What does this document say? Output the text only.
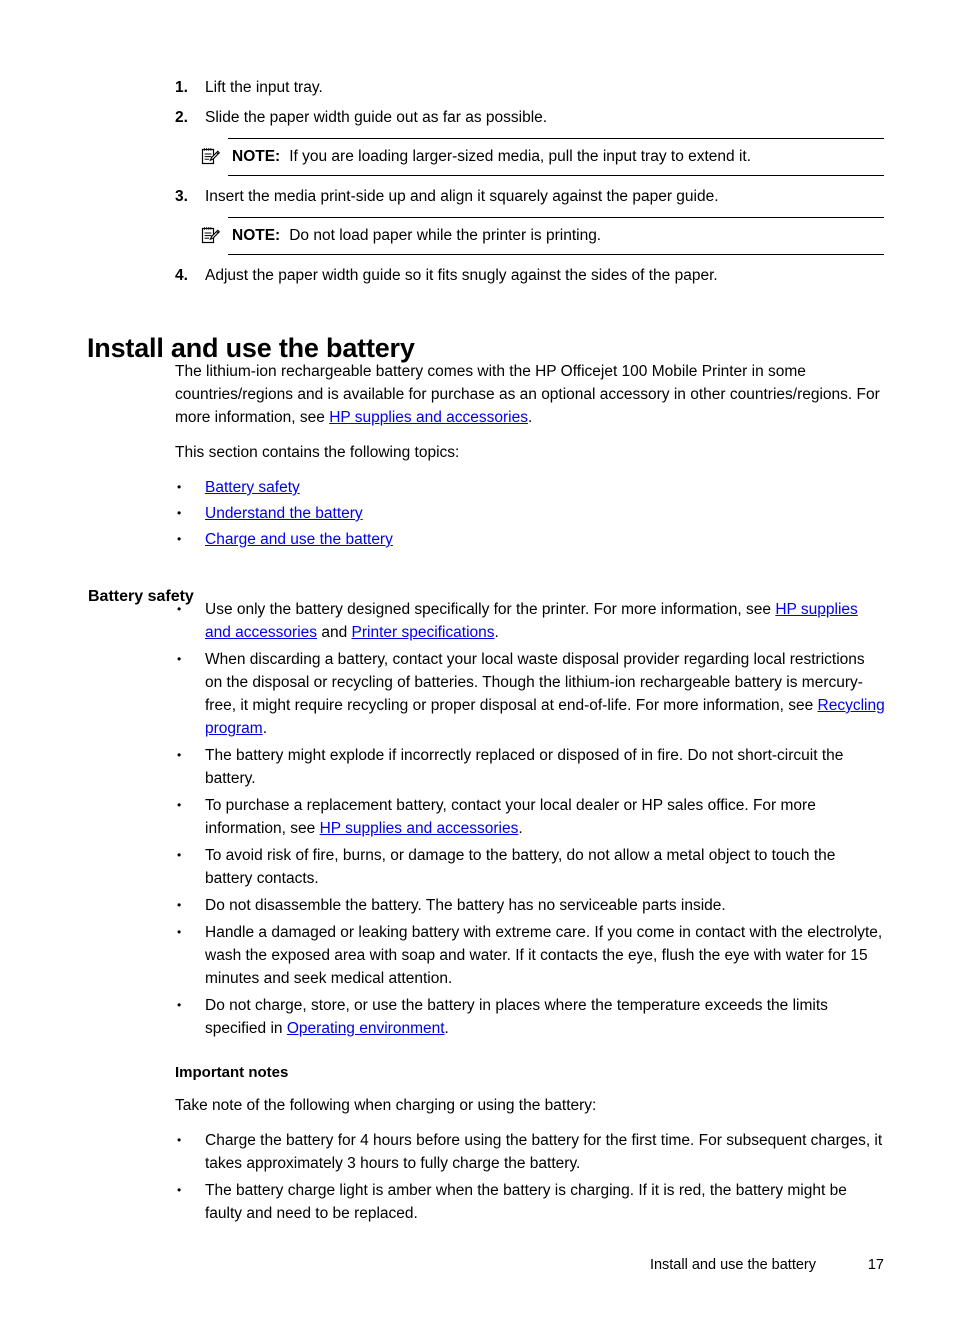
1.	Lift the input tray.
2.	Slide the paper width guide out as far as possible.
NOTE: If you are loading larger-sized media, pull the input tray to extend it.
3.	Insert the media print-side up and align it squarely against the paper guide.
NOTE: Do not load paper while the printer is printing.
4.	Adjust the paper width guide so it fits snugly against the sides of the paper.
Install and use the battery

The lithium-ion rechargeable battery comes with the HP Officejet 100 Mobile Printer in some countries/regions and is available for purchase as an optional accessory in other countries/regions. For more information, see HP supplies and accessories.

This section contains the following topics:

• Battery safety
• Understand the battery
• Charge and use the battery
Battery safety
• Use only the battery designed specifically for the printer. For more information, see HP supplies and accessories and Printer specifications.
• When discarding a battery, contact your local waste disposal provider regarding local restrictions on the disposal or recycling of batteries. Though the lithium-ion rechargeable battery is mercury-free, it might require recycling or proper disposal at end-of-life. For more information, see Recycling program.
• The battery might explode if incorrectly replaced or disposed of in fire. Do not short-circuit the battery.
• To purchase a replacement battery, contact your local dealer or HP sales office. For more information, see HP supplies and accessories.
• To avoid risk of fire, burns, or damage to the battery, do not allow a metal object to touch the battery contacts.
• Do not disassemble the battery. The battery has no serviceable parts inside.
• Handle a damaged or leaking battery with extreme care. If you come in contact with the electrolyte, wash the exposed area with soap and water. If it contacts the eye, flush the eye with water for 15 minutes and seek medical attention.
• Do not charge, store, or use the battery in places where the temperature exceeds the limits specified in Operating environment.
Important notes

Take note of the following when charging or using the battery:

• Charge the battery for 4 hours before using the battery for the first time. For subsequent charges, it takes approximately 3 hours to fully charge the battery.
• The battery charge light is amber when the battery is charging. If it is red, the battery might be faulty and need to be replaced.
Install and use the battery	17
